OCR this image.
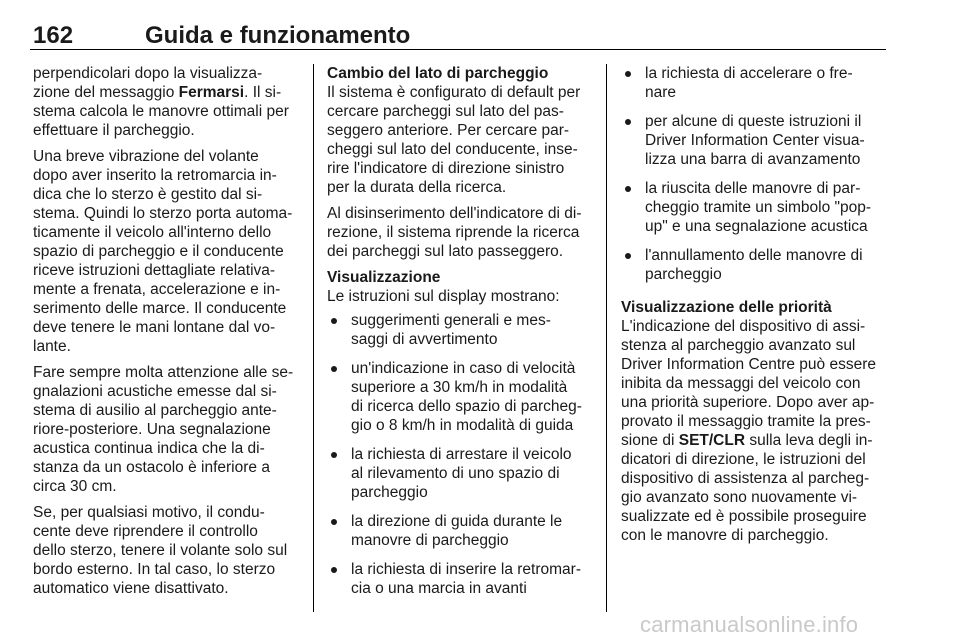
162	Guida e funzionamento

perpendicolari dopo la visualizza-
zione del messaggio Fermarsi. Il si-
stema calcola le manovre ottimali per
effettuare il parcheggio.

Una breve vibrazione del volante
dopo aver inserito la retromarcia in-
dica che lo sterzo è gestito dal si-
stema. Quindi lo sterzo porta automa-
ticamente il veicolo all'interno dello
spazio di parcheggio e il conducente
riceve istruzioni dettagliate relativa-
mente a frenata, accelerazione e in-
serimento delle marce. Il conducente
deve tenere le mani lontane dal vo-
lante.

Fare sempre molta attenzione alle se-
gnalazioni acustiche emesse dal si-
stema di ausilio al parcheggio ante-
riore-posteriore. Una segnalazione
acustica continua indica che la di-
stanza da un ostacolo è inferiore a
circa 30 cm.

Se, per qualsiasi motivo, il condu-
cente deve riprendere il controllo
dello sterzo, tenere il volante solo sul
bordo esterno. In tal caso, lo sterzo
automatico viene disattivato.

Cambio del lato di parcheggio

Il sistema è configurato di default per
cercare parcheggi sul lato del pas-
seggero anteriore. Per cercare par-
cheggi sul lato del conducente, inse-
rire l'indicatore di direzione sinistro
per la durata della ricerca.

Al disinserimento dell'indicatore di di-
rezione, il sistema riprende la ricerca
dei parcheggi sul lato passeggero.

Visualizzazione

Le istruzioni sul display mostrano:

suggerimenti generali e mes-
saggi di avvertimento
un'indicazione in caso di velocità
superiore a 30 km/h in modalità
di ricerca dello spazio di parcheg-
gio o 8 km/h in modalità di guida
la richiesta di arrestare il veicolo
al rilevamento di uno spazio di
parcheggio
la direzione di guida durante le
manovre di parcheggio
la richiesta di inserire la retromar-
cia o una marcia in avanti
la richiesta di accelerare o fre-
nare
per alcune di queste istruzioni il
Driver Information Center visua-
lizza una barra di avanzamento
la riuscita delle manovre di par-
cheggio tramite un simbolo "pop-
up" e una segnalazione acustica
l'annullamento delle manovre di
parcheggio
Visualizzazione delle priorità

L'indicazione del dispositivo di assi-
stenza al parcheggio avanzato sul
Driver Information Centre può essere
inibita da messaggi del veicolo con
una priorità superiore. Dopo aver ap-
provato il messaggio tramite la pres-
sione di SET/CLR sulla leva degli in-
dicatori di direzione, le istruzioni del
dispositivo di assistenza al parcheg-
gio avanzato sono nuovamente vi-
sualizzate ed è possibile proseguire
con le manovre di parcheggio.

carmanualsonline.info
